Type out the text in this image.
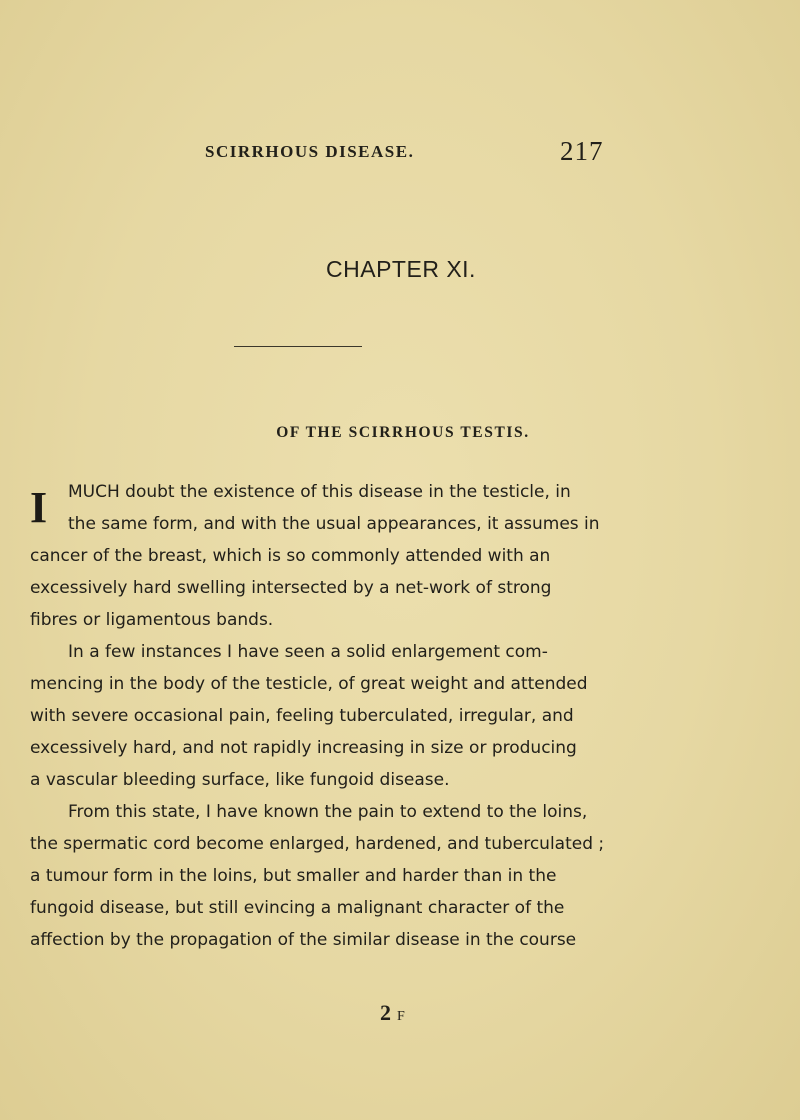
SCIRRHOUS DISEASE.	217
CHAPTER XI.
OF THE SCIRRHOUS TESTIS.
I MUCH doubt the existence of this disease in the testicle, in
the same form, and with the usual appearances, it assumes in
cancer of the breast, which is so commonly attended with an
excessively hard swelling intersected by a net-work of strong
fibres or ligamentous bands.
In a few instances I have seen a solid enlargement com-
mencing in the body of the testicle, of great weight and attended
with severe occasional pain, feeling tuberculated, irregular, and
excessively hard, and not rapidly increasing in size or producing
a vascular bleeding surface, like fungoid disease.
From this state, I have known the pain to extend to the loins,
the spermatic cord become enlarged, hardened, and tuberculated ;
a tumour form in the loins, but smaller and harder than in the
fungoid disease, but still evincing a malignant character of the
affection by the propagation of the similar disease in the course
2 F
